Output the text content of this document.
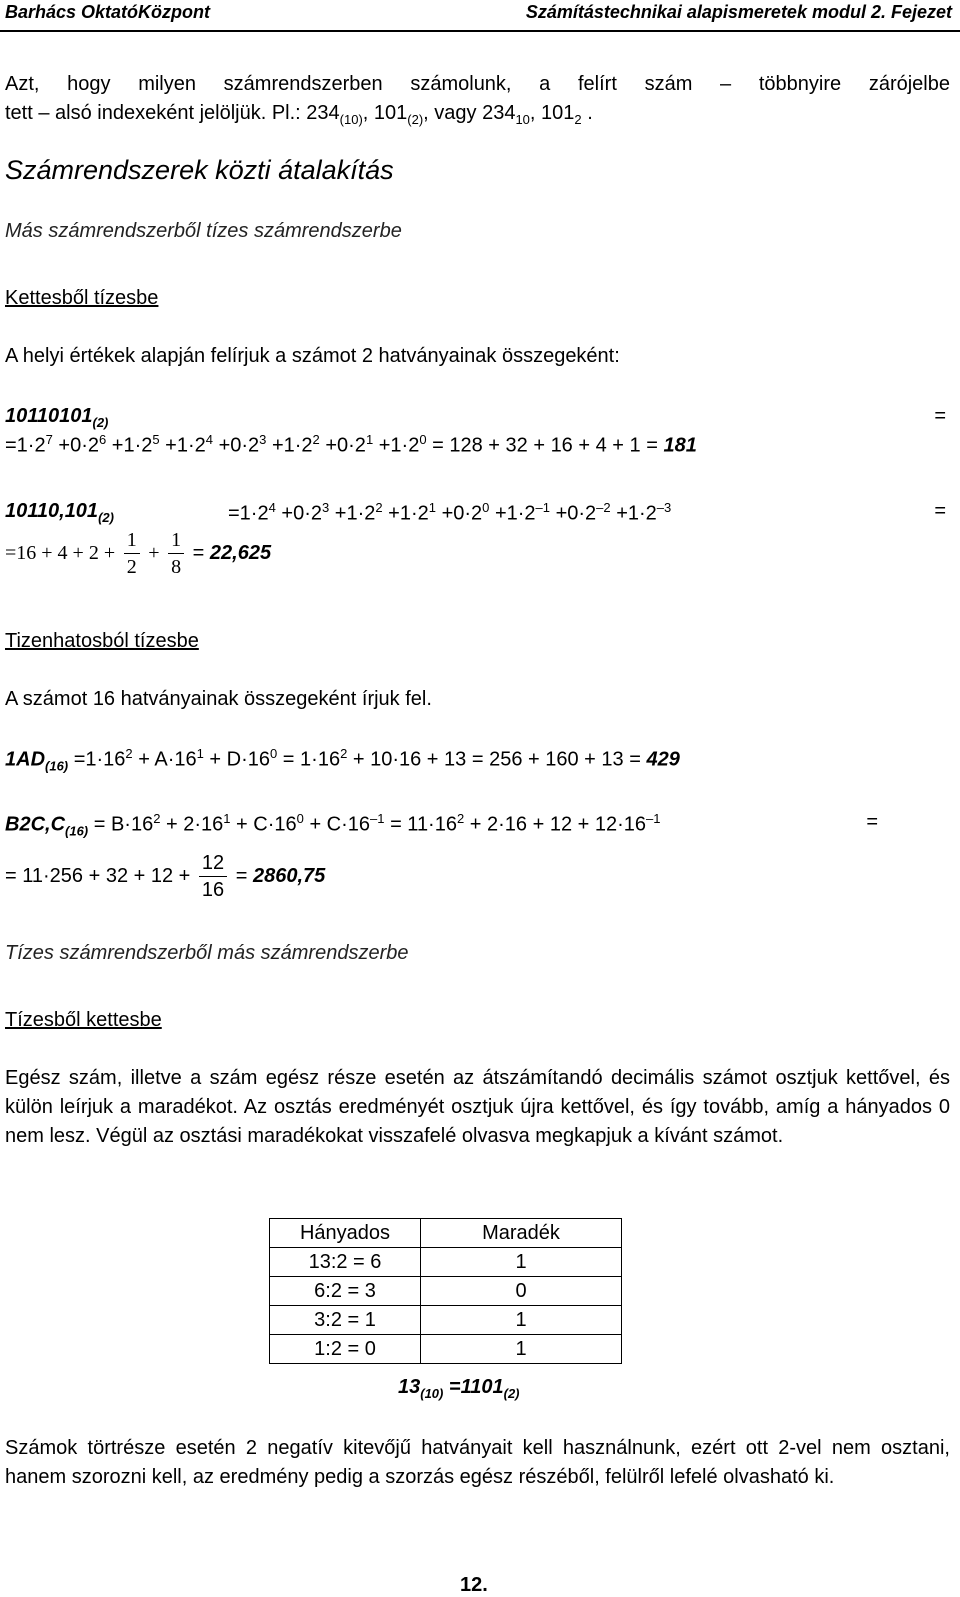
Barhács OktatóKözpont	Számítástechnikai alapismeretek modul 2. Fejezet
Azt, hogy milyen számrendszerben számolunk, a felírt szám – többnyire zárójelbe
tett – alsó indexeként jelöljük. Pl.: $234_{(10)}$, $101_{(2)}$, vagy $234_{10}$, $101_2$ .
Számrendszerek közti átalakítás
Más számrendszerből tízes számrendszerbe
Kettesből tízesbe
A helyi értékek alapján felírjuk a számot 2 hatványainak összegeként:
$10110101_{(2)}$	=
$=1\cdot 2^7 +0\cdot 2^6 +1\cdot 2^5 +1\cdot 2^4 +0\cdot 2^3 +1\cdot 2^2 +0\cdot 2^1 +1\cdot 2^0 = 128 + 32 + 16 + 4 + 1 = 181$
$10110,101_{(2)}$	$=1\cdot 2^4 +0\cdot 2^3 +1\cdot 2^2 +1\cdot 2^1 +0\cdot 2^0 +1\cdot 2^{-1} +0\cdot 2^{-2} +1\cdot 2^{-3}$	=
$=16 + 4 + 2 + \frac{1}{2} + \frac{1}{8} = 22,625$
Tizenhatosból tízesbe
A számot 16 hatványainak összegeként írjuk fel.
$1AD_{(16)} =1\cdot 16^2 + A\cdot 16^1 + D\cdot 16^0 = 1\cdot 16^2 + 10\cdot 16 + 13 = 256 + 160 + 13 = 429$
$B2C,C_{(16)} = B\cdot 16^2 + 2\cdot 16^1 + C\cdot 16^0 + C\cdot 16^{-1} = 11\cdot 16^2 + 2\cdot 16 + 12 + 12\cdot 16^{-1}$	=
= $11\cdot 256 + 32 + 12 + \frac{12}{16} = 2860,75$
Tízes számrendszerből más számrendszerbe
Tízesből kettesbe
Egész szám, illetve a szám egész része esetén az átszámítandó decimális számot osztjuk kettővel, és külön leírjuk a maradékot. Az osztás eredményét osztjuk újra kettővel, és így tovább, amíg a hányados 0 nem lesz. Végül az osztási maradékokat visszafelé olvasva megkapjuk a kívánt számot.
Hányados	Maradék
13:2 = 6	1
6:2 = 3	0
3:2 = 1	1
1:2 = 0	1
$13_{(10)} =1101_{(2)}$
Számok törtrésze esetén 2 negatív kitevőjű hatványait kell használnunk, ezért ott 2-vel nem osztani, hanem szorozni kell, az eredmény pedig a szorzás egész részéből, felülről lefelé olvasható ki.
12.
